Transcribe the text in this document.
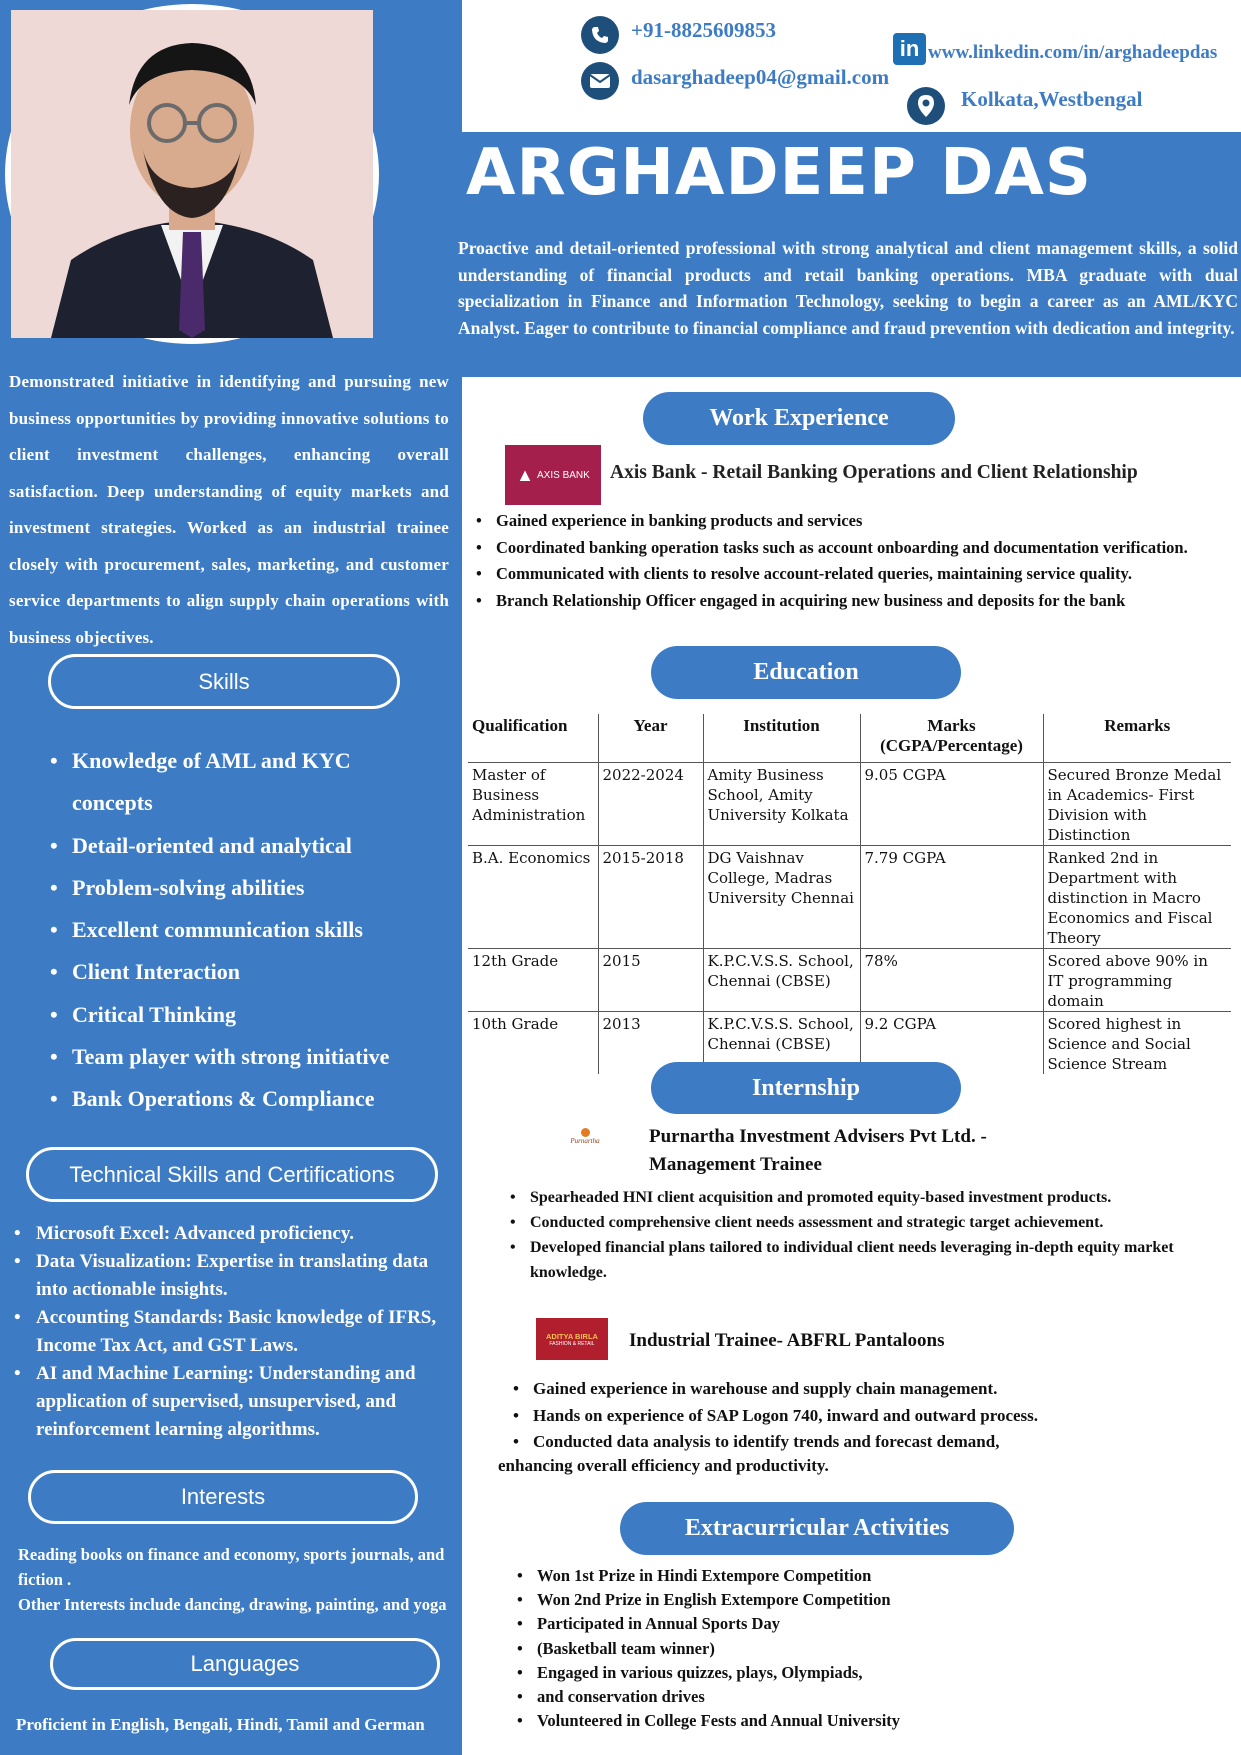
Demonstrated initiative in identifying and pursuing new business opportunities by providing innovative solutions to client investment challenges, enhancing overall satisfaction. Deep understanding of equity markets and investment strategies. Worked as an industrial trainee closely with procurement, sales, marketing, and customer service departments to align supply chain operations with business objectives.
Skills
• Knowledge of AML and KYC concepts
• Detail-oriented and analytical
• Problem-solving abilities
• Excellent communication skills
• Client Interaction
• Critical Thinking
• Team player with strong initiative
• Bank Operations & Compliance
Technical Skills and Certifications
• Microsoft Excel: Advanced proficiency.
• Data Visualization: Expertise in translating data into actionable insights.
• Accounting Standards: Basic knowledge of IFRS, Income Tax Act, and GST Laws.
• AI and Machine Learning: Understanding and application of supervised, unsupervised, and reinforcement learning algorithms.
Interests
Reading books on finance and economy, sports journals, and fiction .
Other Interests include dancing, drawing, painting, and yoga
Languages
Proficient in English, Bengali, Hindi, Tamil and German
+91-8825609853
dasarghadeep04@gmail.com
in www.linkedin.com/in/arghadeepdas
Kolkata,Westbengal
ARGHADEEP DAS
Proactive and detail-oriented professional with strong analytical and client management skills, a solid understanding of financial products and retail banking operations. MBA graduate with dual specialization in Finance and Information Technology, seeking to begin a career as an AML/KYC Analyst. Eager to contribute to financial compliance and fraud prevention with dedication and integrity.
Work Experience
▲ AXIS BANK Axis Bank - Retail Banking Operations and Client Relationship
• Gained experience in banking products and services
• Coordinated banking operation tasks such as account onboarding and documentation verification.
• Communicated with clients to resolve account-related queries, maintaining service quality.
• Branch Relationship Officer engaged in acquiring new business and deposits for the bank
Education
Qualification	Year	Institution	Marks (CGPA/Percentage)	Remarks
Master of Business Administration	2022-2024	Amity Business School, Amity University Kolkata	9.05 CGPA	Secured Bronze Medal in Academics- First Division with Distinction
B.A. Economics	2015-2018	DG Vaishnav College, Madras University Chennai	7.79 CGPA	Ranked 2nd in Department with distinction in Macro Economics and Fiscal Theory
12th Grade	2015	K.P.C.V.S.S. School, Chennai (CBSE)	78%	Scored above 90% in IT programming domain
10th Grade	2013	K.P.C.V.S.S. School, Chennai (CBSE)	9.2 CGPA	Scored highest in Science and Social Science Stream
Internship
Purnartha	Purnartha Investment Advisers Pvt Ltd. - Management Trainee
• Spearheaded HNI client acquisition and promoted equity-based investment products.
• Conducted comprehensive client needs assessment and strategic target achievement.
• Developed financial plans tailored to individual client needs leveraging in-depth equity market knowledge.
ADITYA BIRLA
FASHION & RETAIL Industrial Trainee- ABFRL Pantaloons
• Gained experience in warehouse and supply chain management.
• Hands on experience of SAP Logon 740, inward and outward process.
• Conducted data analysis to identify trends and forecast demand,
enhancing overall efficiency and productivity.
Extracurricular Activities
• Won 1st Prize in Hindi Extempore Competition
• Won 2nd Prize in English Extempore Competition
• Participated in Annual Sports Day
• (Basketball team winner)
• Engaged in various quizzes, plays, Olympiads,
• and conservation drives
• Volunteered in College Fests and Annual University
